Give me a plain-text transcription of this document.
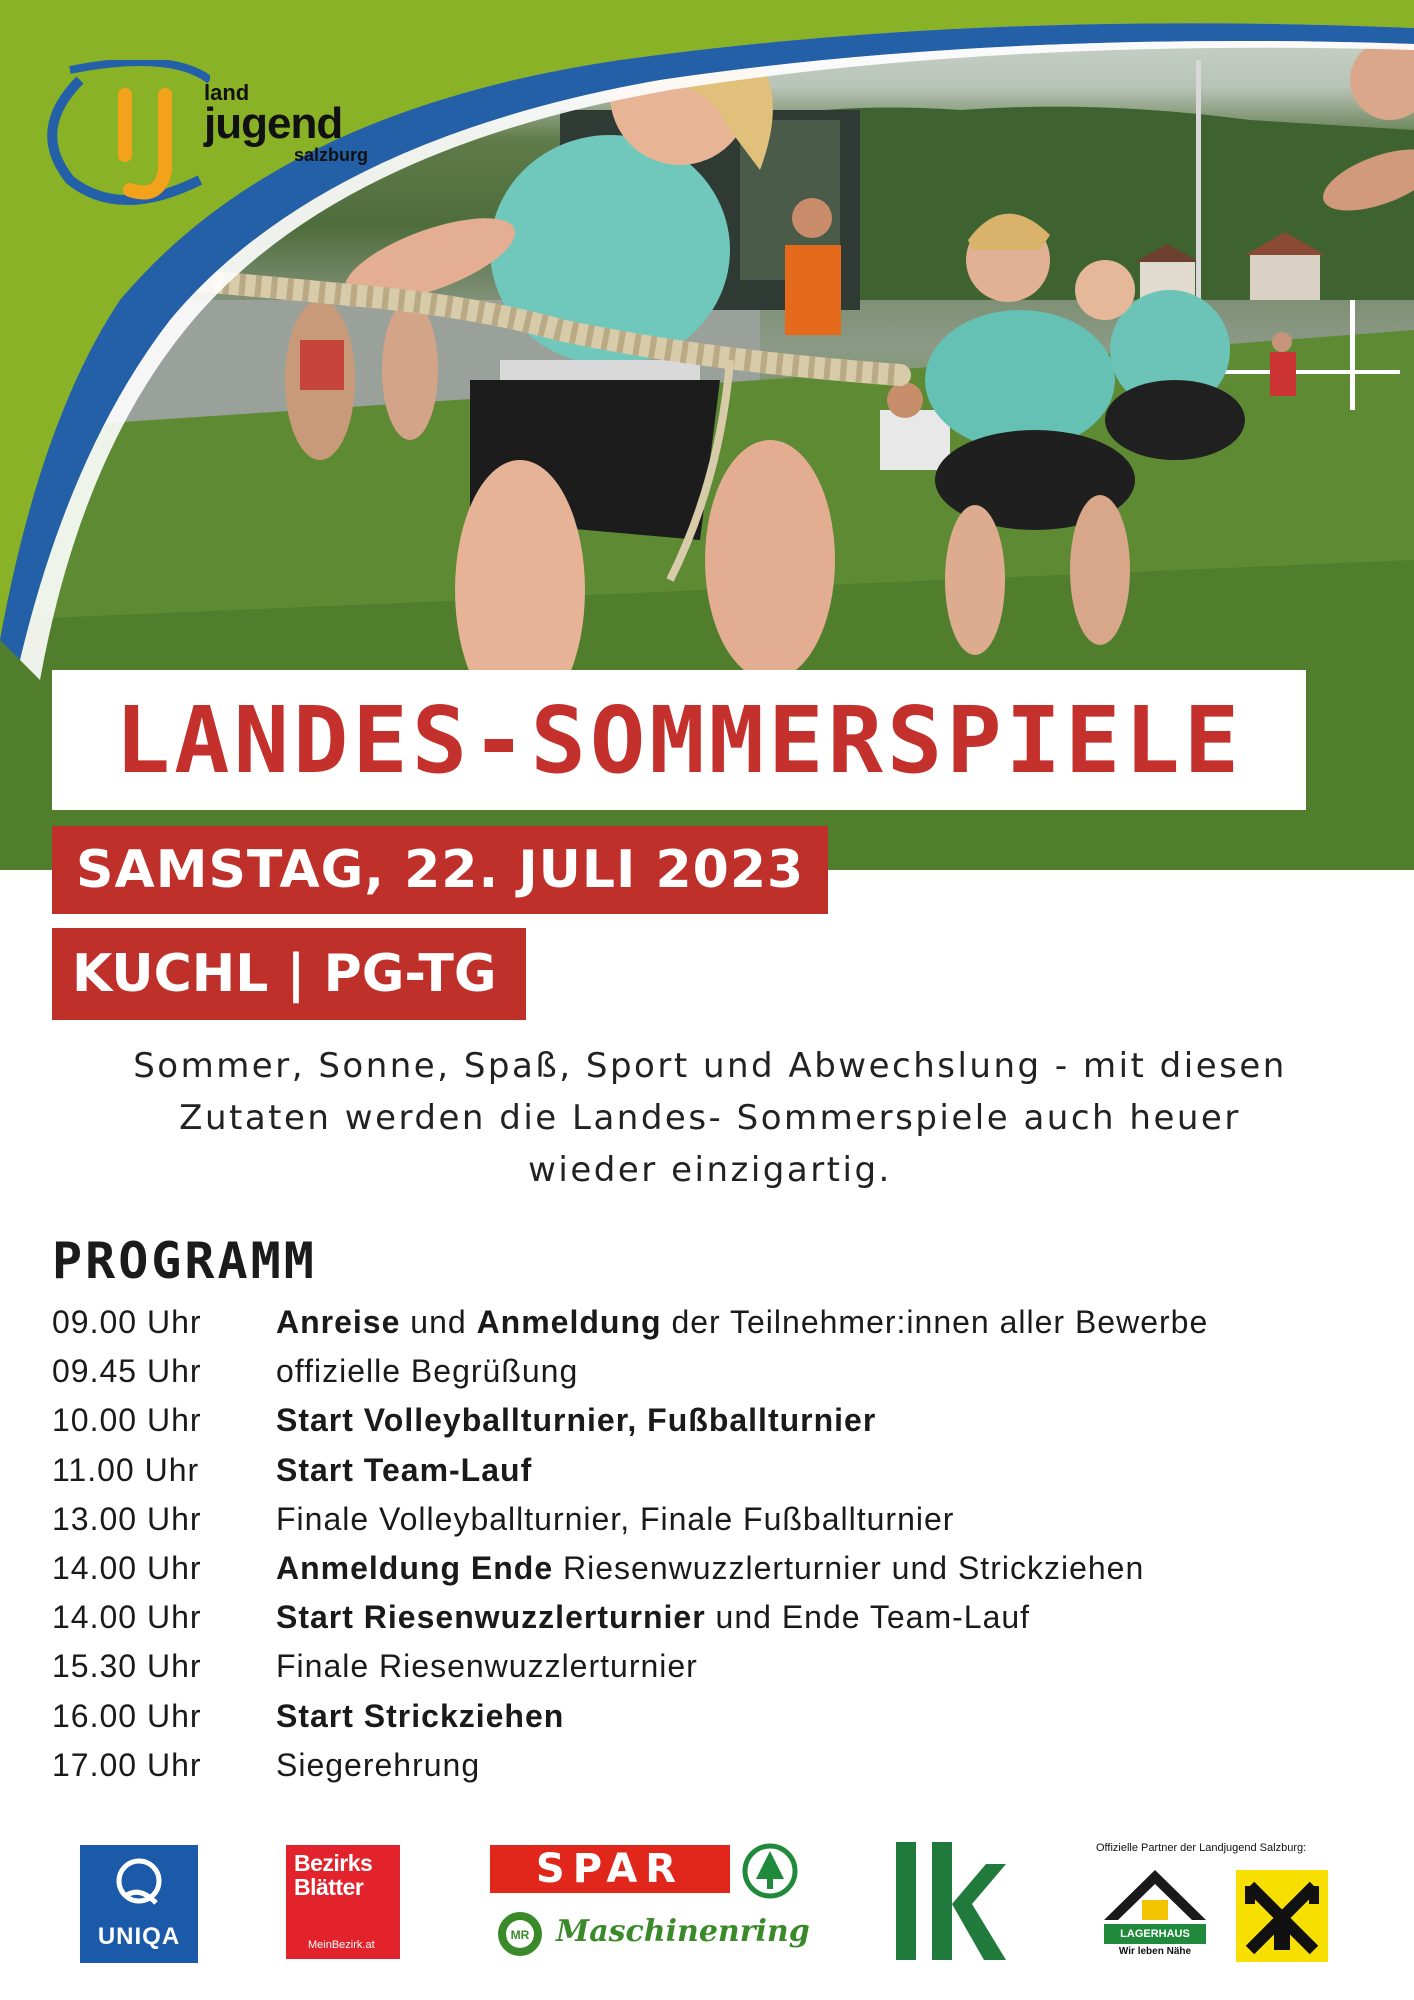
land
jugend
salzburg
LANDES-SOMMERSPIELE
SAMSTAG, 22. JULI 2023
KUCHL | PG-TG
Sommer, Sonne, Spaß, Sport und Abwechslung - mit diesen
Zutaten werden die Landes- Sommerspiele auch heuer
wieder einzigartig.
PROGRAMM
09.00 Uhr	Anreise und Anmeldung der Teilnehmer:innen aller Bewerbe
09.45 Uhr	offizielle Begrüßung
10.00 Uhr	Start Volleyballturnier, Fußballturnier
11.00 Uhr	Start Team-Lauf
13.00 Uhr	Finale Volleyballturnier, Finale Fußballturnier
14.00 Uhr	Anmeldung Ende Riesenwuzzlerturnier und Strickziehen
14.00 Uhr	Start Riesenwuzzlerturnier und Ende Team-Lauf
15.30 Uhr	Finale Riesenwuzzlerturnier
16.00 Uhr	Start Strickziehen
17.00 Uhr	Siegerehrung
UNIQA
Bezirks
Blätter
MeinBezirk.at
SPAR
MR Maschinenring
Offizielle Partner der Landjugend Salzburg:
LAGERHAUS
Wir leben Nähe
